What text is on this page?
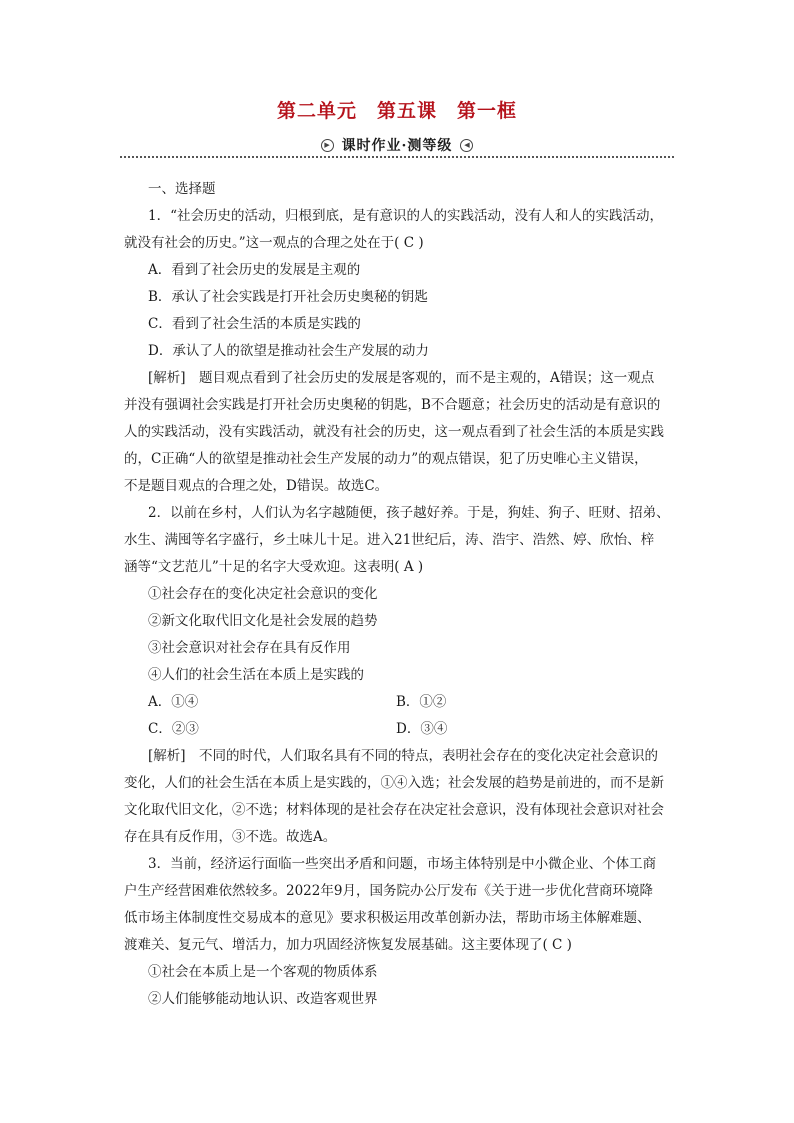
第二单元　第五课　第一框
▶ 课时作业·测等级	◀
一、选择题
1．“社会历史的活动，归根到底，是有意识的人的实践活动，没有人和人的实践活动，
就没有社会的历史。”这一观点的合理之处在于( C )
A．看到了社会历史的发展是主观的
B．承认了社会实践是打开社会历史奥秘的钥匙
C．看到了社会生活的本质是实践的
D．承认了人的欲望是推动社会生产发展的动力
[解析]　题目观点看到了社会历史的发展是客观的，而不是主观的，A错误；这一观点
并没有强调社会实践是打开社会历史奥秘的钥匙，B不合题意；社会历史的活动是有意识的
人的实践活动，没有实践活动，就没有社会的历史，这一观点看到了社会生活的本质是实践
的，C正确“人的欲望是推动社会生产发展的动力”的观点错误，犯了历史唯心主义错误，
不是题目观点的合理之处，D错误。故选C。
2．以前在乡村，人们认为名字越随便，孩子越好养。于是，狗娃、狗子、旺财、招弟、
水生、满囤等名字盛行，乡土味儿十足。进入21世纪后，涛、浩宇、浩然、婷、欣怡、梓
涵等“文艺范儿”十足的名字大受欢迎。这表明( A )
①社会存在的变化决定社会意识的变化
②新文化取代旧文化是社会发展的趋势
③社会意识对社会存在具有反作用
④人们的社会生活在本质上是实践的
A．①④	B．①②
C．②③	D．③④
[解析]　不同的时代，人们取名具有不同的特点，表明社会存在的变化决定社会意识的
变化，人们的社会生活在本质上是实践的，①④入选；社会发展的趋势是前进的，而不是新
文化取代旧文化，②不选；材料体现的是社会存在决定社会意识，没有体现社会意识对社会
存在具有反作用，③不选。故选A。
3．当前，经济运行面临一些突出矛盾和问题，市场主体特别是中小微企业、个体工商
户生产经营困难依然较多。2022年9月，国务院办公厅发布《关于进一步优化营商环境降
低市场主体制度性交易成本的意见》要求积极运用改革创新办法，帮助市场主体解难题、
渡难关、复元气、增活力，加力巩固经济恢复发展基础。这主要体现了( C )
①社会在本质上是一个客观的物质体系
②人们能够能动地认识、改造客观世界
